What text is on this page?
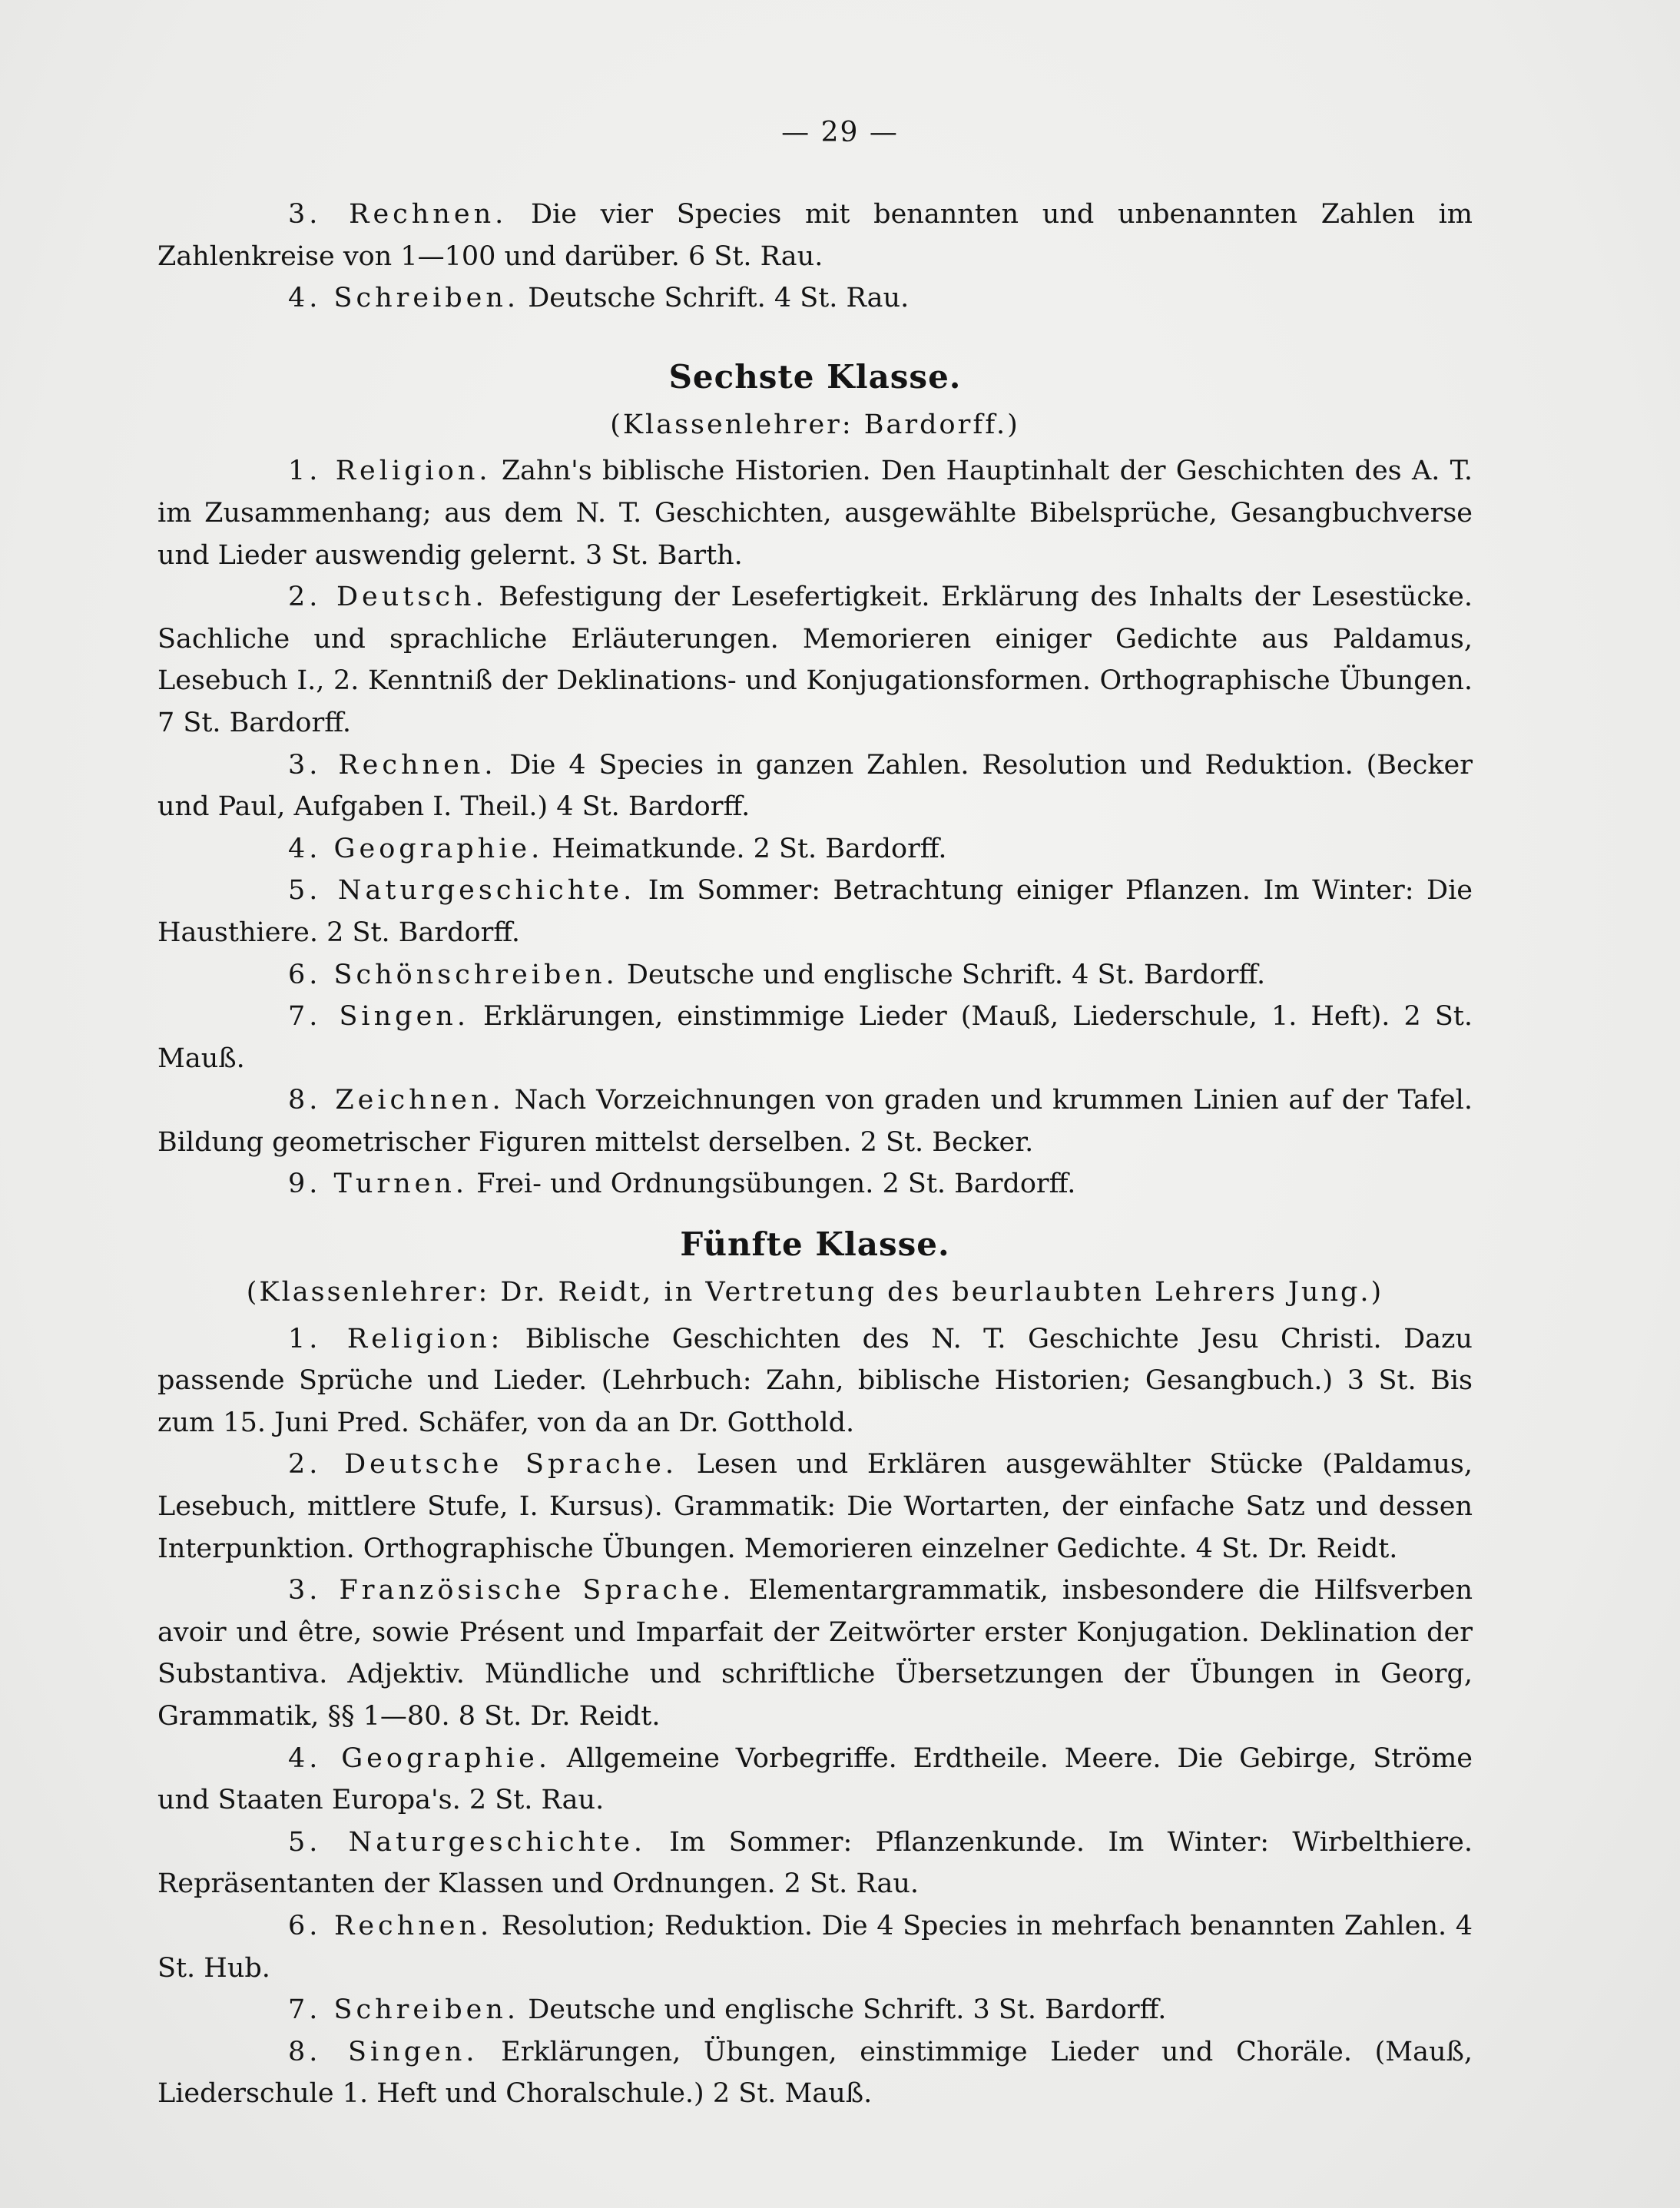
— 29 —

3. Rechnen. Die vier Species mit benannten und unbenannten Zahlen im Zahlenkreise von 1—100 und darüber. 6 St. Rau.

4. Schreiben. Deutsche Schrift. 4 St. Rau.

Sechste Klasse.
(Klassenlehrer: Bardorff.)

1. Religion. Zahn's biblische Historien. Den Hauptinhalt der Geschichten des A. T. im Zusammenhang; aus dem N. T. Geschichten, ausgewählte Bibelsprüche, Gesangbuchverse und Lieder auswendig gelernt. 3 St. Barth.

2. Deutsch. Befestigung der Lesefertigkeit. Erklärung des Inhalts der Lesestücke. Sachliche und sprachliche Erläuterungen. Memorieren einiger Gedichte aus Paldamus, Lesebuch I., 2. Kenntniß der Deklinations- und Konjugationsformen. Orthographische Übungen. 7 St. Bardorff.

3. Rechnen. Die 4 Species in ganzen Zahlen. Resolution und Reduktion. (Becker und Paul, Aufgaben I. Theil.) 4 St. Bardorff.

4. Geographie. Heimatkunde. 2 St. Bardorff.

5. Naturgeschichte. Im Sommer: Betrachtung einiger Pflanzen. Im Winter: Die Hausthiere. 2 St. Bardorff.

6. Schönschreiben. Deutsche und englische Schrift. 4 St. Bardorff.

7. Singen. Erklärungen, einstimmige Lieder (Mauß, Liederschule, 1. Heft). 2 St. Mauß.

8. Zeichnen. Nach Vorzeichnungen von graden und krummen Linien auf der Tafel. Bildung geometrischer Figuren mittelst derselben. 2 St. Becker.

9. Turnen. Frei- und Ordnungsübungen. 2 St. Bardorff.

Fünfte Klasse.
(Klassenlehrer: Dr. Reidt, in Vertretung des beurlaubten Lehrers Jung.)

1. Religion: Biblische Geschichten des N. T. Geschichte Jesu Christi. Dazu passende Sprüche und Lieder. (Lehrbuch: Zahn, biblische Historien; Gesangbuch.) 3 St. Bis zum 15. Juni Pred. Schäfer, von da an Dr. Gotthold.

2. Deutsche Sprache. Lesen und Erklären ausgewählter Stücke (Paldamus, Lesebuch, mittlere Stufe, I. Kursus). Grammatik: Die Wortarten, der einfache Satz und dessen Interpunktion. Orthographische Übungen. Memorieren einzelner Gedichte. 4 St. Dr. Reidt.

3. Französische Sprache. Elementargrammatik, insbesondere die Hilfsverben avoir und être, sowie Présent und Imparfait der Zeitwörter erster Konjugation. Deklination der Substantiva. Adjektiv. Mündliche und schriftliche Übersetzungen der Übungen in Georg, Grammatik, §§ 1—80. 8 St. Dr. Reidt.

4. Geographie. Allgemeine Vorbegriffe. Erdtheile. Meere. Die Gebirge, Ströme und Staaten Europa's. 2 St. Rau.

5. Naturgeschichte. Im Sommer: Pflanzenkunde. Im Winter: Wirbelthiere. Repräsentanten der Klassen und Ordnungen. 2 St. Rau.

6. Rechnen. Resolution; Reduktion. Die 4 Species in mehrfach benannten Zahlen. 4 St. Hub.

7. Schreiben. Deutsche und englische Schrift. 3 St. Bardorff.

8. Singen. Erklärungen, Übungen, einstimmige Lieder und Choräle. (Mauß, Liederschule 1. Heft und Choralschule.) 2 St. Mauß.
